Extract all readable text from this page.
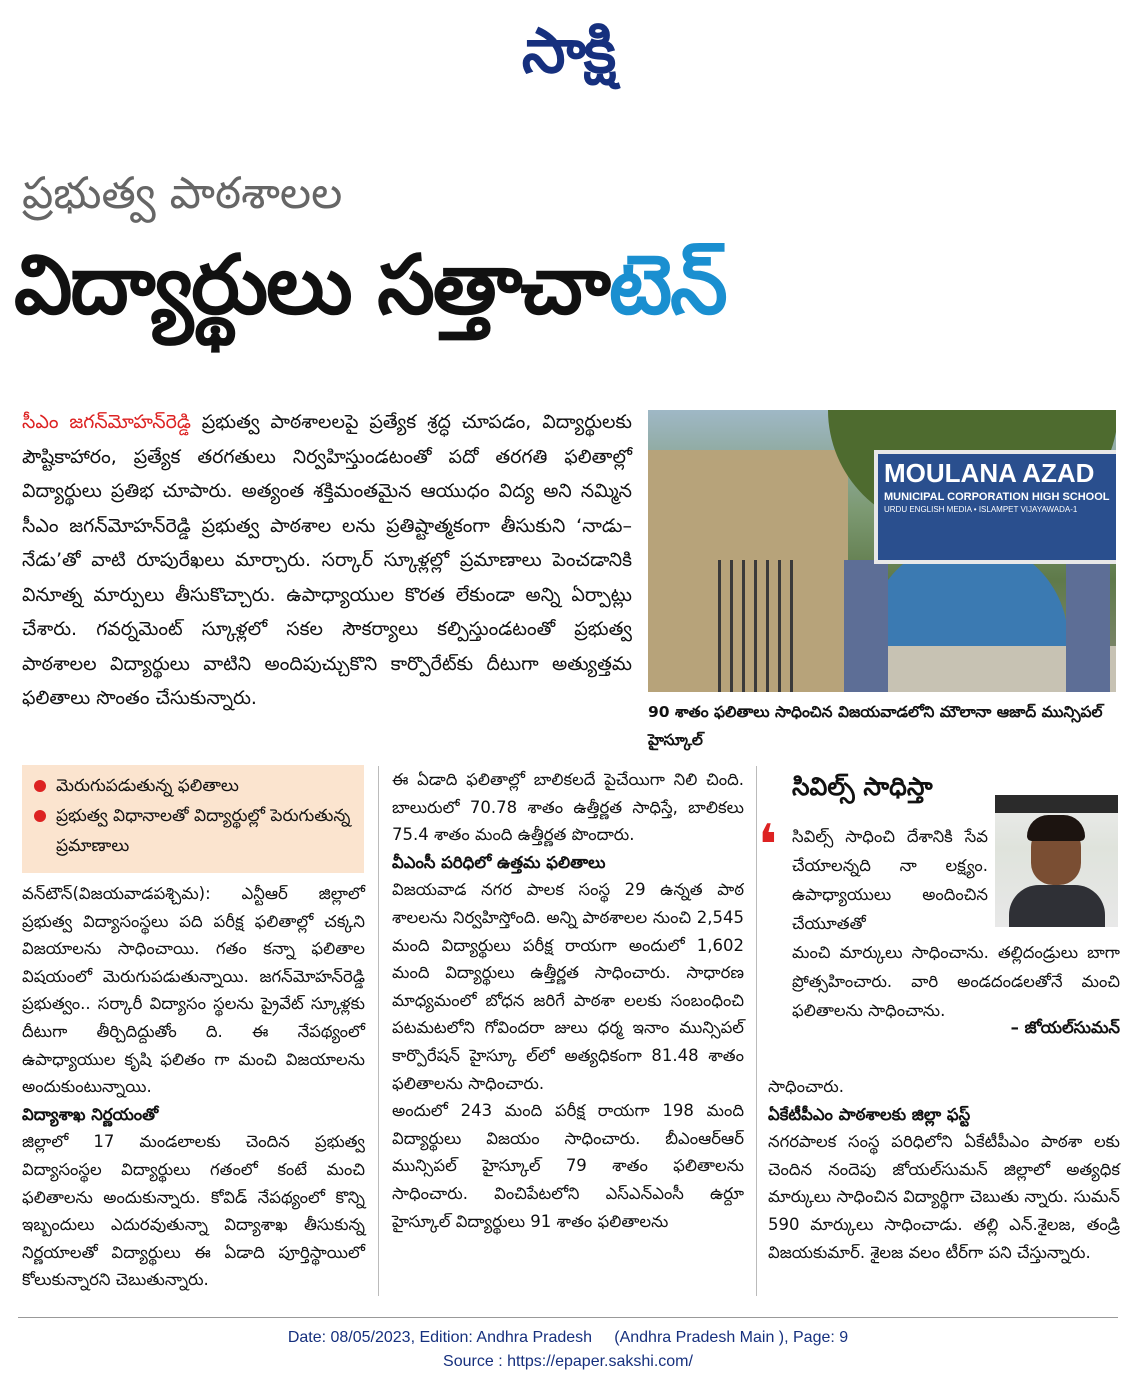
సాక్షి
ప్రభుత్వ పాఠశాలల
విద్యార్థులు సత్తాచాటెన్
సీఎం జగన్‌మోహన్‌రెడ్డి ప్రభుత్వ పాఠశాలలపై ప్రత్యేక శ్రద్ధ చూపడం, విద్యార్థులకు పౌష్టికాహారం, ప్రత్యేక తరగతులు నిర్వహిస్తుండటంతో పదో తరగతి ఫలితాల్లో విద్యార్థులు ప్రతిభ చూపారు. అత్యంత శక్తిమంతమైన ఆయుధం విద్య అని నమ్మిన సీఎం జగన్‌మోహన్‌రెడ్డి ప్రభుత్వ పాఠశాల లను ప్రతిష్టాత్మకంగా తీసుకుని ‘నాడు– నేడు’తో వాటి రూపురేఖలు మార్చారు. సర్కార్ స్కూళ్లల్లో ప్రమాణాలు పెంచడానికి వినూత్న మార్పులు తీసుకొచ్చారు. ఉపాధ్యాయుల కొరత లేకుండా అన్ని ఏర్పాట్లు చేశారు. గవర్నమెంట్ స్కూళ్లలో సకల సౌకర్యాలు కల్పిస్తుండటంతో ప్రభుత్వ పాఠశాలల విద్యార్థులు వాటిని అందిపుచ్చుకొని కార్పొరేట్‌కు దీటుగా అత్యుత్తమ ఫలితాలు సొంతం చేసుకున్నారు.
MOULANA AZAD
MUNICIPAL CORPORATION HIGH SCHOOL
URDU ENGLISH MEDIA • ISLAMPET VIJAYAWADA-1
90 శాతం ఫలితాలు సాధించిన విజయవాడలోని మౌలానా ఆజాద్ మున్సిపల్ హైస్కూల్
మెరుగుపడుతున్న ఫలితాలు
ప్రభుత్వ విధానాలతో విద్యార్థుల్లో పెరుగుతున్న ప్రమాణాలు

వన్‌టౌన్(విజయవాడపశ్చిమ): ఎన్టీఆర్ జిల్లాలో ప్రభుత్వ విద్యాసంస్థలు పది పరీక్ష ఫలితాల్లో చక్కని విజయాలను సాధించాయి. గతం కన్నా ఫలితాల విషయంలో మెరుగుపడుతున్నాయి. జగన్‌మోహన్‌రెడ్డి ప్రభుత్వం.. సర్కారీ విద్యాసం స్థలను ప్రైవేట్ స్కూళ్లకు దీటుగా తీర్చిదిద్దుతోం ది. ఈ నేపథ్యంలో ఉపాధ్యాయుల కృషి ఫలితం గా మంచి విజయాలను అందుకుంటున్నాయి.

విద్యాశాఖ నిర్ణయంతో

జిల్లాలో 17 మండలాలకు చెందిన ప్రభుత్వ విద్యాసంస్థల విద్యార్థులు గతంలో కంటే మంచి ఫలితాలను అందుకున్నారు. కోవిడ్ నేపథ్యంలో కొన్ని ఇబ్బందులు ఎదురవుతున్నా విద్యాశాఖ తీసుకున్న నిర్ణయాలతో విద్యార్థులు ఈ ఏడాది పూర్తిస్థాయిలో కోలుకున్నారని చెబుతున్నారు.

ఈ ఏడాది ఫలితాల్లో బాలికలదే పైచేయిగా నిలి చింది. బాలురులో 70.78 శాతం ఉత్తీర్ణత సాధిస్తే, బాలికలు 75.4 శాతం మంది ఉత్తీర్ణత పొందారు.

వీఎంసీ పరిధిలో ఉత్తమ ఫలితాలు

విజయవాడ నగర పాలక సంస్థ 29 ఉన్నత పాఠ శాలలను నిర్వహిస్తోంది. అన్ని పాఠశాలల నుంచి 2,545 మంది విద్యార్థులు పరీక్ష రాయగా అందులో 1,602 మంది విద్యార్థులు ఉత్తీర్ణత సాధించారు. సాధారణ మాధ్యమంలో బోధన జరిగే పాఠశా లలకు సంబంధించి పటమటలోని గోవిందరా జులు ధర్మ ఇనాం మున్సిపల్ కార్పొరేషన్ హైస్కూ ల్‌లో అత్యధికంగా 81.48 శాతం ఫలితాలను సాధించారు.

అందులో 243 మంది పరీక్ష రాయగా 198 మంది విద్యార్థులు విజయం సాధించారు. బీఎంఆర్ఆర్ మున్సిపల్ హైస్కూల్ 79 శాతం ఫలితాలను సాధించారు. వించిపేటలోని ఎస్ఎన్ఎంసీ ఉర్దూ హైస్కూల్ విద్యార్థులు 91 శాతం ఫలితాలను

సివిల్స్ సాధిస్తా
❛ సివిల్స్ సాధించి దేశానికి సేవ చేయాలన్నది నా లక్ష్యం. ఉపాధ్యాయులు అందించిన చేయూతతో
మంచి మార్కులు సాధించాను. తల్లిదండ్రులు బాగా ప్రోత్సహించారు. వారి అండదండలతోనే మంచి ఫలితాలను సాధించాను.
– జోయల్‌సుమన్

సాధించారు.

ఏకేటీపీఎం పాఠశాలకు జిల్లా ఫస్ట్

నగరపాలక సంస్థ పరిధిలోని ఏకేటీపీఎం పాఠశా లకు చెందిన నందెపు జోయల్‌సుమన్ జిల్లాలో అత్యధిక మార్కులు సాధించిన విద్యార్థిగా చెబుతు న్నారు. సుమన్ 590 మార్కులు సాధించాడు. తల్లి ఎన్.శైలజ, తండ్రి విజయకుమార్. శైలజ వలం టీర్‌గా పని చేస్తున్నారు.

Date: 08/05/2023, Edition: Andhra Pradesh     (Andhra Pradesh Main ), Page: 9
Source : https://epaper.sakshi.com/
